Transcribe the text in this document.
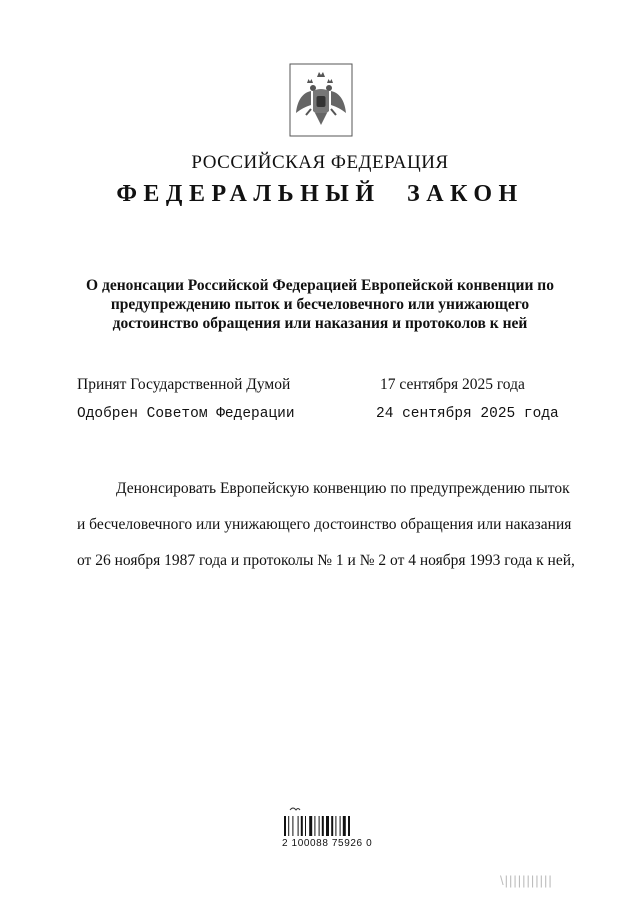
РОССИЙСКАЯ ФЕДЕРАЦИЯ
ФЕДЕРАЛЬНЫЙ ЗАКОН
О денонсации Российской Федерацией Европейской конвенции по
предупреждению пыток и бесчеловечного или унижающего
достоинство обращения или наказания и протоколов к ней
Принят Государственной Думой	17 сентября 2025 года
Одобрен Советом Федерации	24 сентября 2025 года
Денонсировать Европейскую конвенцию по предупреждению пыток
и бесчеловечного или унижающего достоинство обращения или наказания
от 26 ноября 1987 года и протоколы № 1 и № 2 от 4 ноября 1993 года к ней,
2 100088 75926 0
\|||||||||||
